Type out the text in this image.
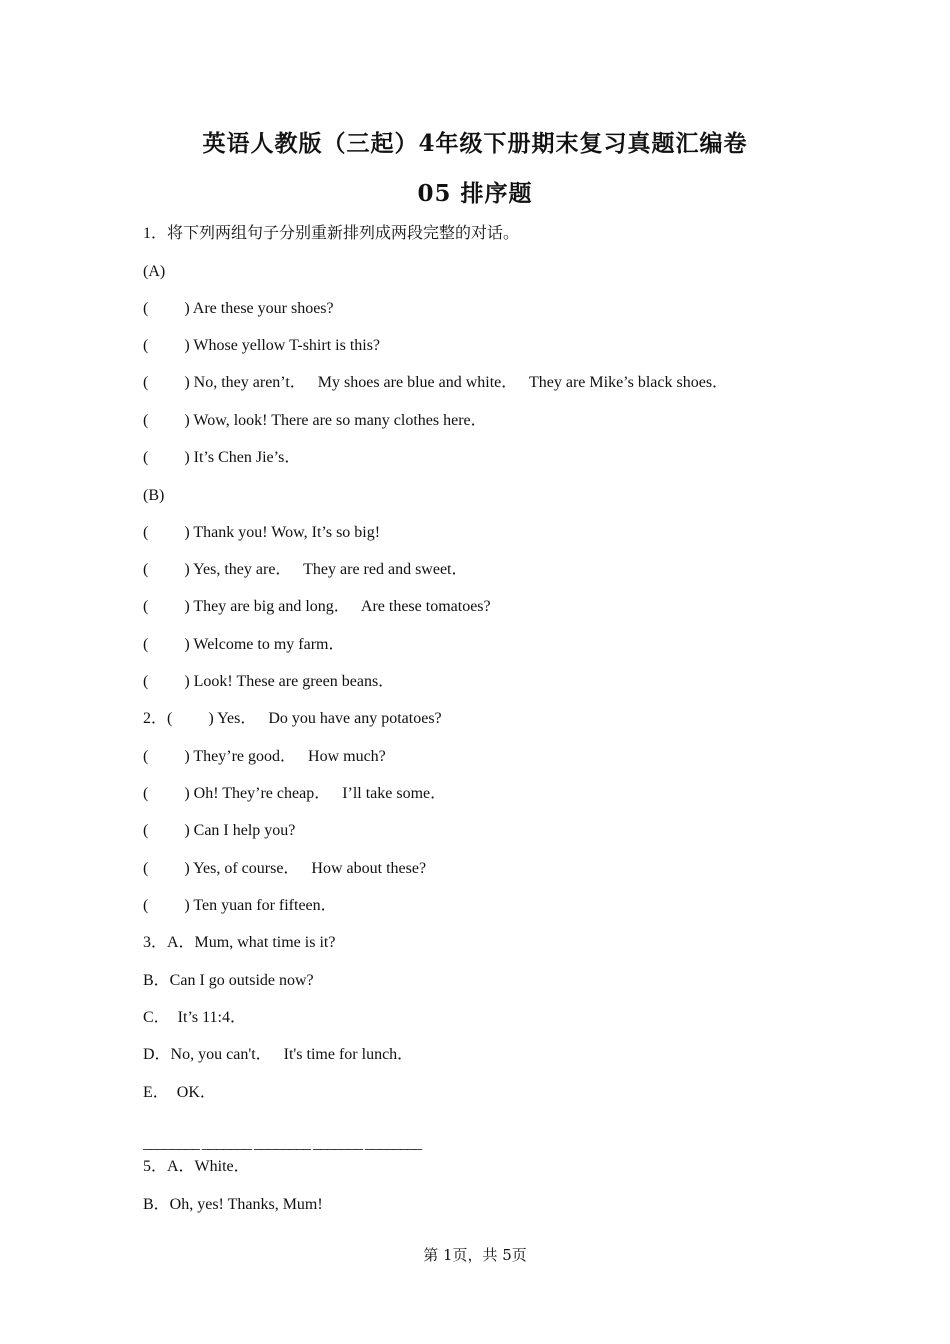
英语人教版（三起）4年级下册期末复习真题汇编卷
05 排序题
1．将下列两组句子分别重新排列成两段完整的对话。
(A)
( ) Are these your shoes?
( ) Whose yellow T-shirt is this?
( ) No, they aren’t．   My shoes are blue and white．   They are Mike’s black shoes．
( ) Wow, look! There are so many clothes here．
( ) It’s Chen Jie’s．
(B)
( ) Thank you! Wow, It’s so big!
( ) Yes, they are．   They are red and sweet．
( ) They are big and long．   Are these tomatoes?
( ) Welcome to my farm．
( ) Look! These are green beans．
2．( ) Yes．   Do you have any potatoes?
( ) They’re good．   How much?
( ) Oh! They’re cheap．   I’ll take some．
( ) Can I help you?
( ) Yes, of course．   How about these?
( ) Ten yuan for fifteen．
3．A．Mum, what time is it?
B．Can I go outside now?
C．  It’s 11:4．
D．No, you can't．   It's time for lunch．
E．  OK．
________ _______ ________ _______ ________
5．A．White．
B．Oh, yes! Thanks, Mum!
第 1页，共 5页
